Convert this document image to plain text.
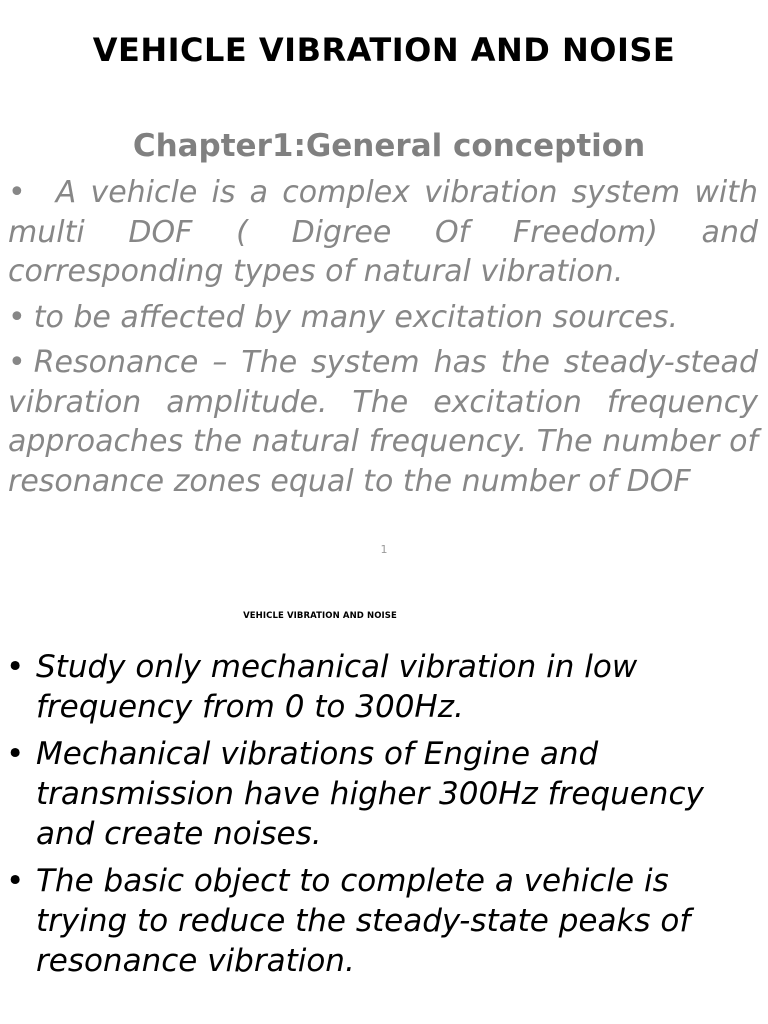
VEHICLE VIBRATION AND NOISE
Chapter1:General conception
• A vehicle is a complex vibration system with multi DOF ( Digree Of Freedom) and corresponding types of natural vibration.
• to be affected by many excitation sources.
• Resonance – The system has the steady-stead vibration amplitude. The excitation frequency approaches the natural frequency. The number of resonance zones equal to the number of DOF
1
VEHICLE VIBRATION AND NOISE
• Study only mechanical vibration in low frequency from 0 to 300Hz.
• Mechanical vibrations of Engine and transmission have higher 300Hz frequency and create noises.
• The basic object to complete a vehicle is trying to reduce the steady-state peaks of resonance vibration.
